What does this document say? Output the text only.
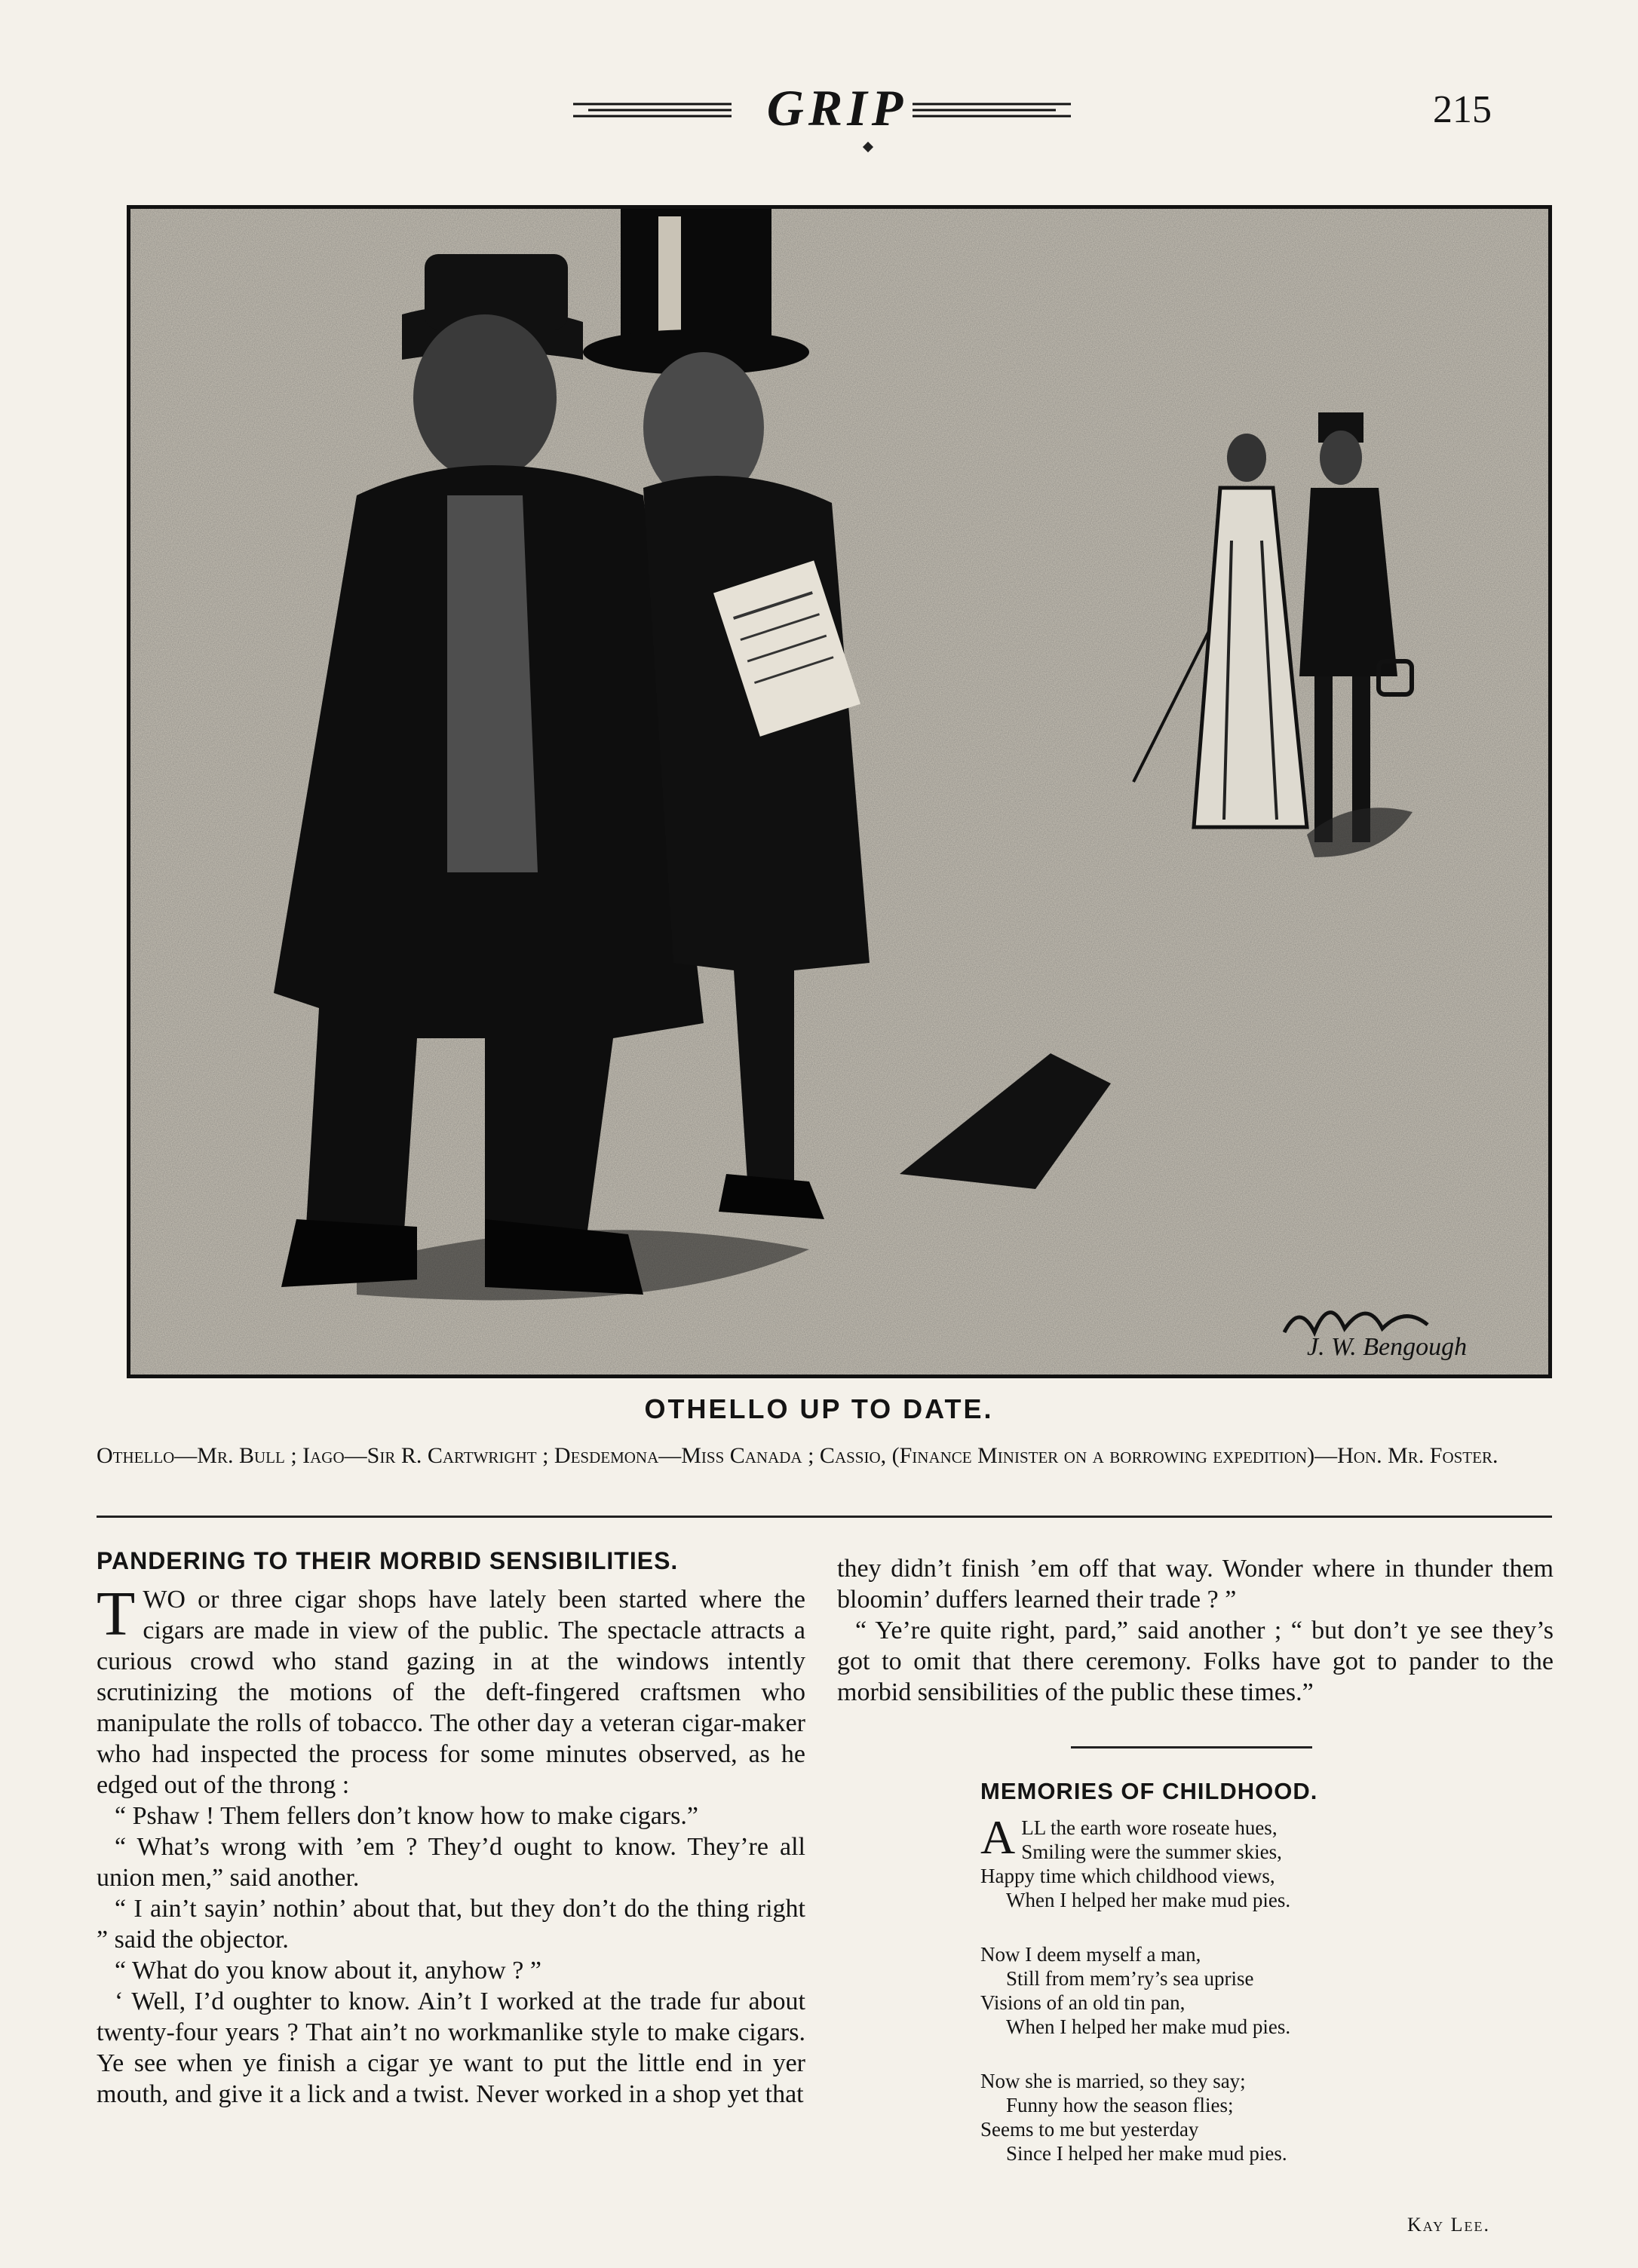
GRIP	215
J. W. Bengough
OTHELLO UP TO DATE.
Othello—Mr. Bull ; Iago—Sir R. Cartwright ; Desdemona—Miss Canada ; Cassio, (Finance Minister on a borrowing expedition)—Hon. Mr. Foster.
PANDERING TO THEIR MORBID SENSIBILITIES.

TWO or three cigar shops have lately been started where the cigars are made in view of the public. The spectacle attracts a curious crowd who stand gazing in at the windows intently scrutinizing the motions of the deft-fingered craftsmen who manipulate the rolls of tobacco. The other day a veteran cigar-maker who had inspected the process for some minutes observed, as he edged out of the throng :

“ Pshaw ! Them fellers don’t know how to make cigars.”

“ What’s wrong with ’em ? They’d ought to know. They’re all union men,” said another.

“ I ain’t sayin’ nothin’ about that, but they don’t do the thing right ” said the objector.

“ What do you know about it, anyhow ? ”

‘ Well, I’d oughter to know. Ain’t I worked at the trade fur about twenty-four years ? That ain’t no workmanlike style to make cigars. Ye see when ye finish a cigar ye want to put the little end in yer mouth, and give it a lick and a twist. Never worked in a shop yet that

they didn’t finish ’em off that way. Wonder where in thunder them bloomin’ duffers learned their trade ? ”

“ Ye’re quite right, pard,” said another ; “ but don’t ye see they’s got to omit that there ceremony. Folks have got to pander to the morbid sensibilities of the public these times.”

MEMORIES OF CHILDHOOD.

ALL the earth wore roseate hues,

Smiling were the summer skies,

Happy time which childhood views,

When I helped her make mud pies.

Now I deem myself a man,

Still from mem’ry’s sea uprise

Visions of an old tin pan,

When I helped her make mud pies.

Now she is married, so they say;

Funny how the season flies;

Seems to me but yesterday

Since I helped her make mud pies.

Kay Lee.
